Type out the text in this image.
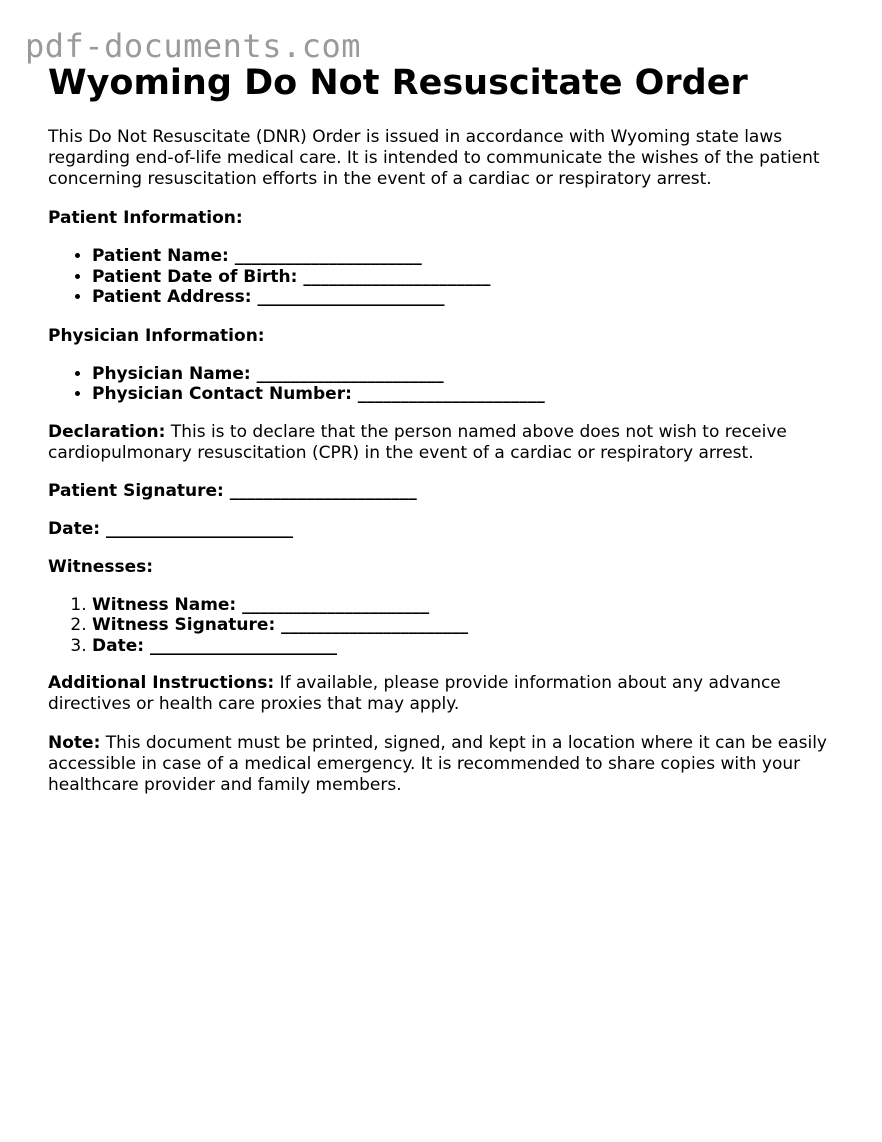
pdf-documents.com
Wyoming Do Not Resuscitate Order

This Do Not Resuscitate (DNR) Order is issued in accordance with Wyoming state laws regarding end-of-life medical care. It is intended to communicate the wishes of the patient concerning resuscitation efforts in the event of a cardiac or respiratory arrest.

Patient Information:

• Patient Name: ______________________
• Patient Date of Birth: ______________________
• Patient Address: ______________________

Physician Information:

• Physician Name: ______________________
• Physician Contact Number: ______________________

Declaration: This is to declare that the person named above does not wish to receive cardiopulmonary resuscitation (CPR) in the event of a cardiac or respiratory arrest.

Patient Signature: ______________________

Date: ______________________

Witnesses:

1. Witness Name: ______________________
2. Witness Signature: ______________________
3. Date: ______________________

Additional Instructions: If available, please provide information about any advance directives or health care proxies that may apply.

Note: This document must be printed, signed, and kept in a location where it can be easily accessible in case of a medical emergency. It is recommended to share copies with your healthcare provider and family members.
